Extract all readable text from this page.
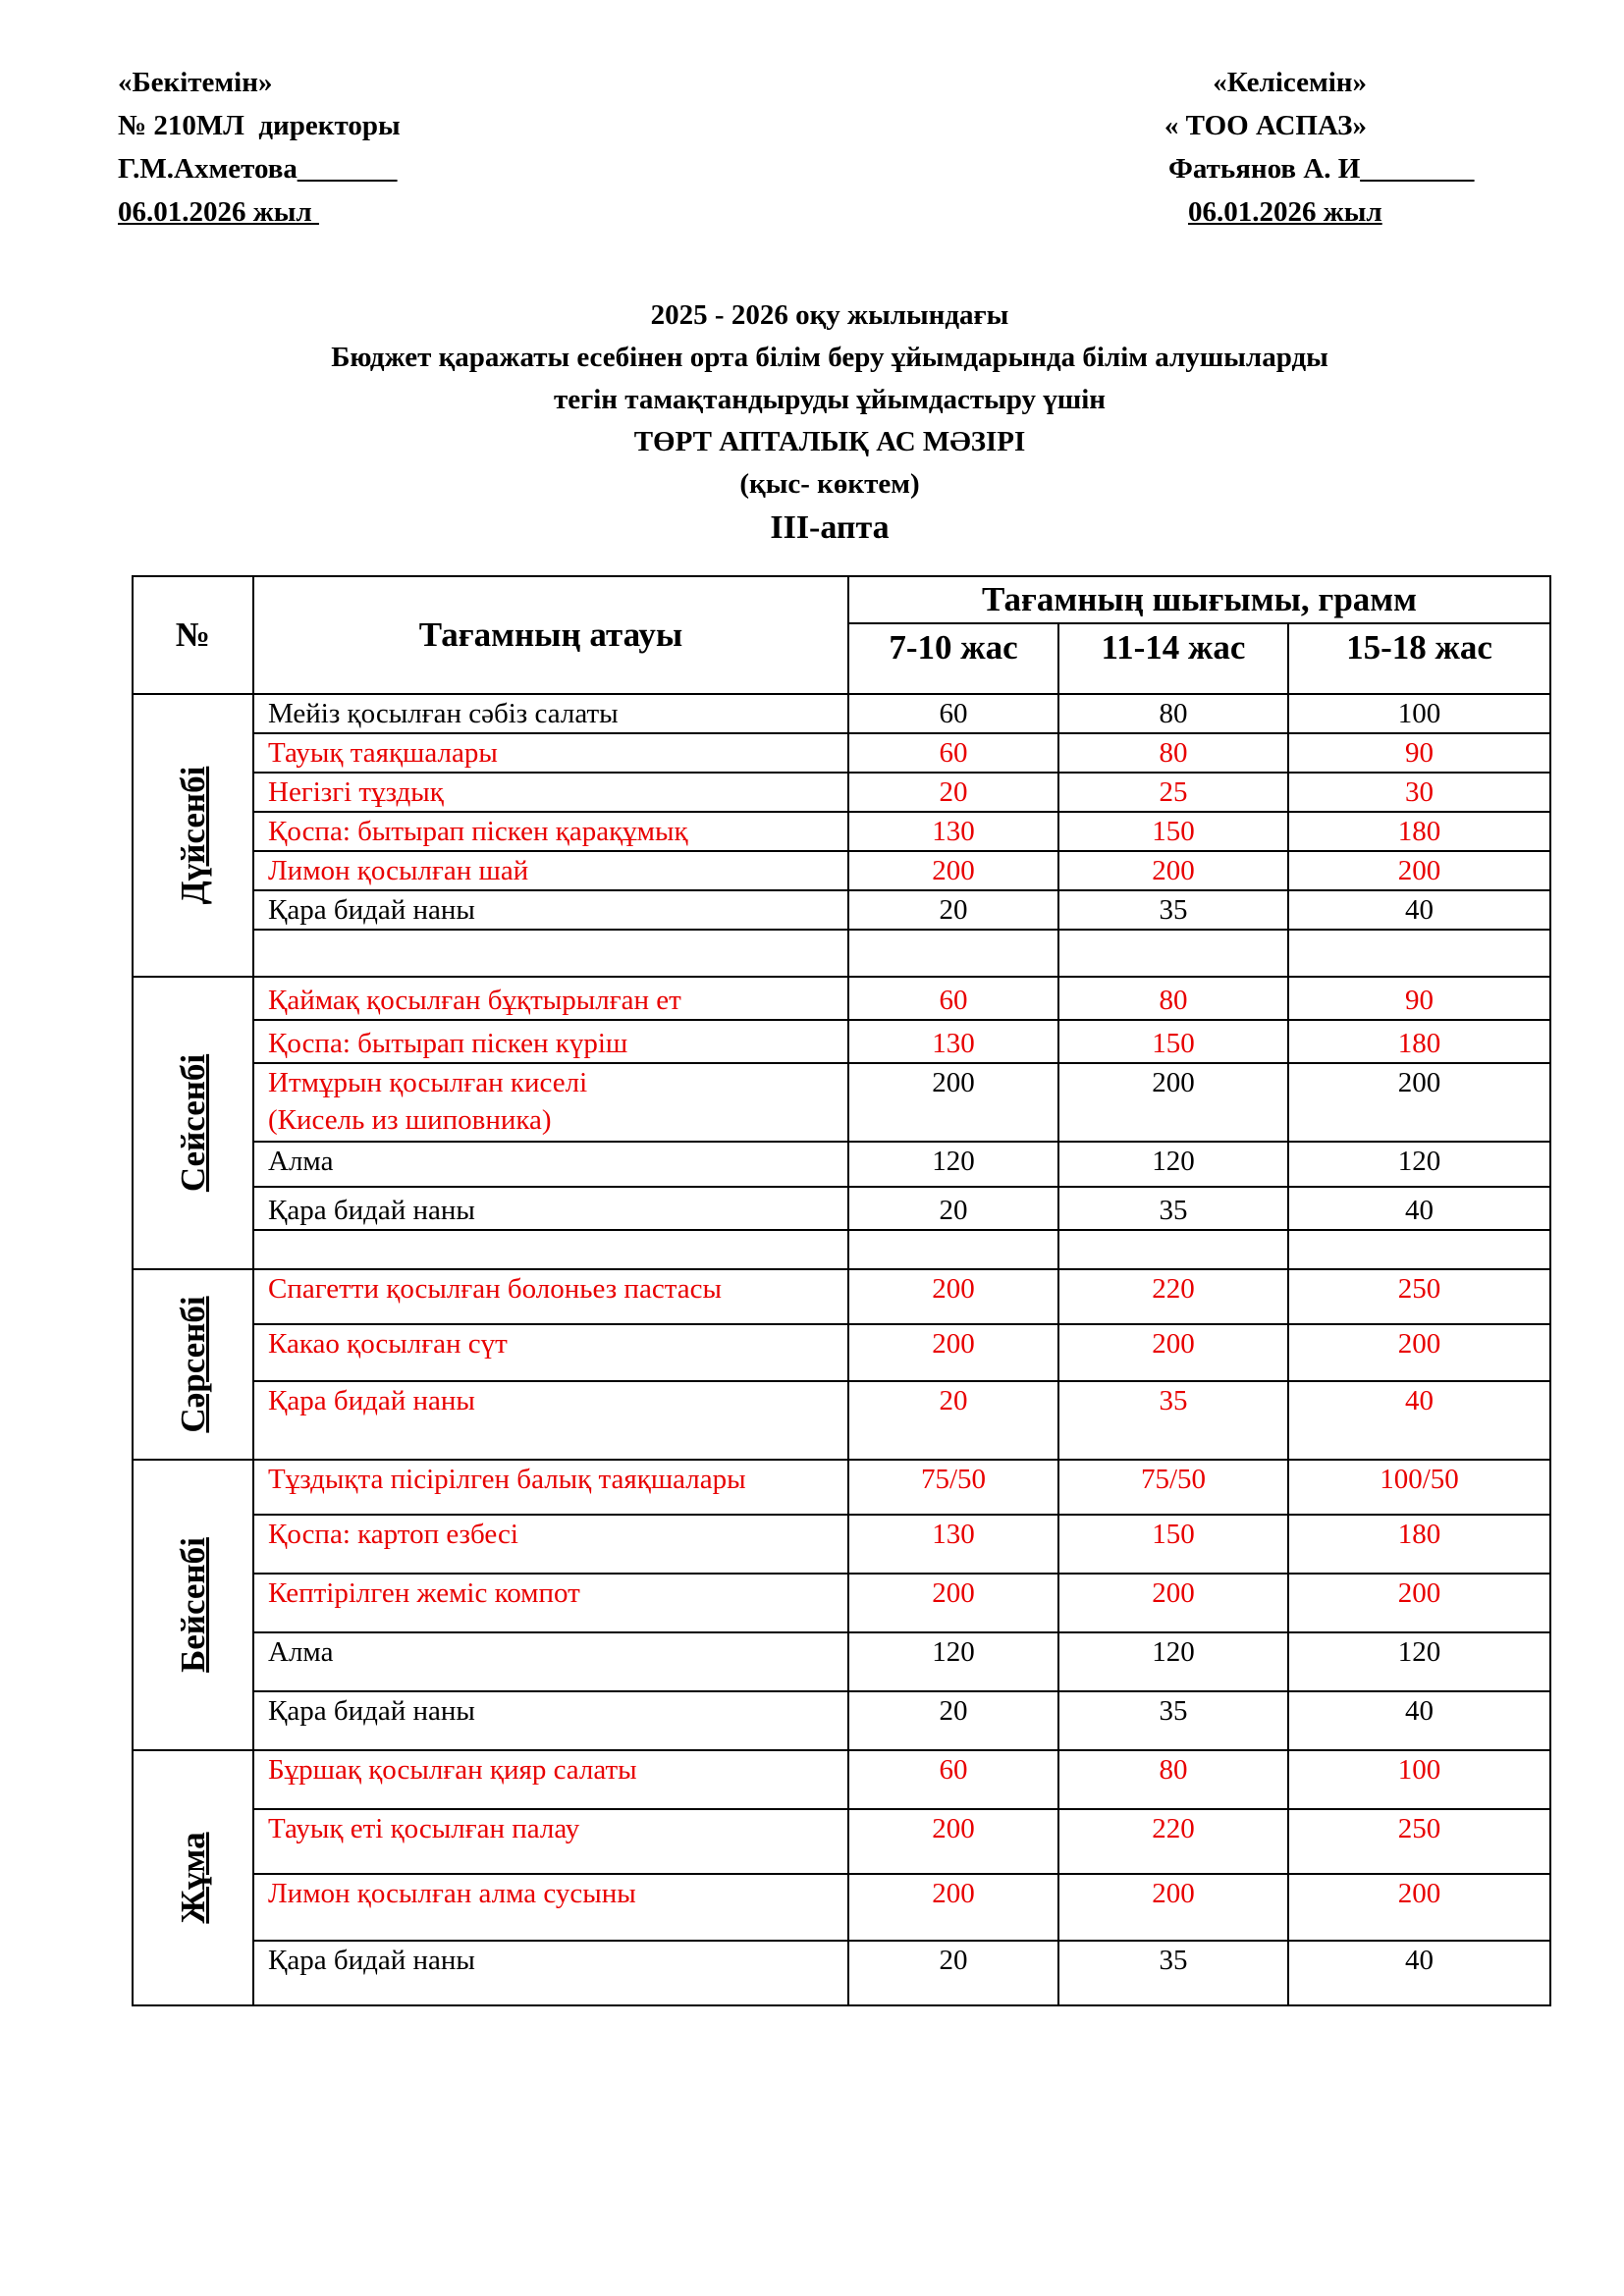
«Бекітемін»
№ 210МЛ  директоры
Г.М.Ахметова_______
06.01.2026 жыл
«Келісемін»
« ТОО АСПАЗ»
Фатьянов А. И________
06.01.2026 жыл
2025 - 2026 оқу жылындағы
Бюджет қаражаты есебінен орта білім беру ұйымдарында білім алушыларды
тегін тамақтандыруды ұйымдастыру үшін
ТӨРТ АПТАЛЫҚ АС МӘЗІРІ
(қыс- көктем)
ІІІ-апта
№	Тағамның атауы	Тағамның шығымы, грамм		
		7-10 жас	11-14 жас	15-18 жас

Дүйсенбі	Мейіз қосылған сәбіз салаты	60	80	100
	Тауық таяқшалары	60	80	90
	Негізгі тұздық	20	25	30
	Қоспа: бытырап піскен қарақұмық	130	150	180
	Лимон қосылған шай	200	200	200
	Қара бидай наны	20	35	40

Сейсенбі	Қаймақ қосылған бұқтырылған ет	60	80	90
	Қоспа: бытырап піскен күріш	130	150	180

	Итмұрын қосылған киселі
(Кисель из шиповника)	200	200	200
	Алма	120	120	120
	Қара бидай наны	20	35	40

Сәрсенбі	Спагетти қосылған болоньез пастасы	200	220	250
	Какао қосылған сүт	200	200	200
	Қара бидай наны	20	35	40

Бейсенбі	Тұздықта пісірілген балық таяқшалары	75/50	75/50	100/50
	Қоспа: картоп езбесі	130	150	180
	Кептірілген жеміс компот	200	200	200
	Алма	120	120	120
	Қара бидай наны	20	35	40

Жұма	Бұршақ қосылған қияр салаты	60	80	100
	Тауық еті қосылған палау	200	220	250
	Лимон қосылған алма сусыны	200	200	200
	Қара бидай наны	20	35	40
